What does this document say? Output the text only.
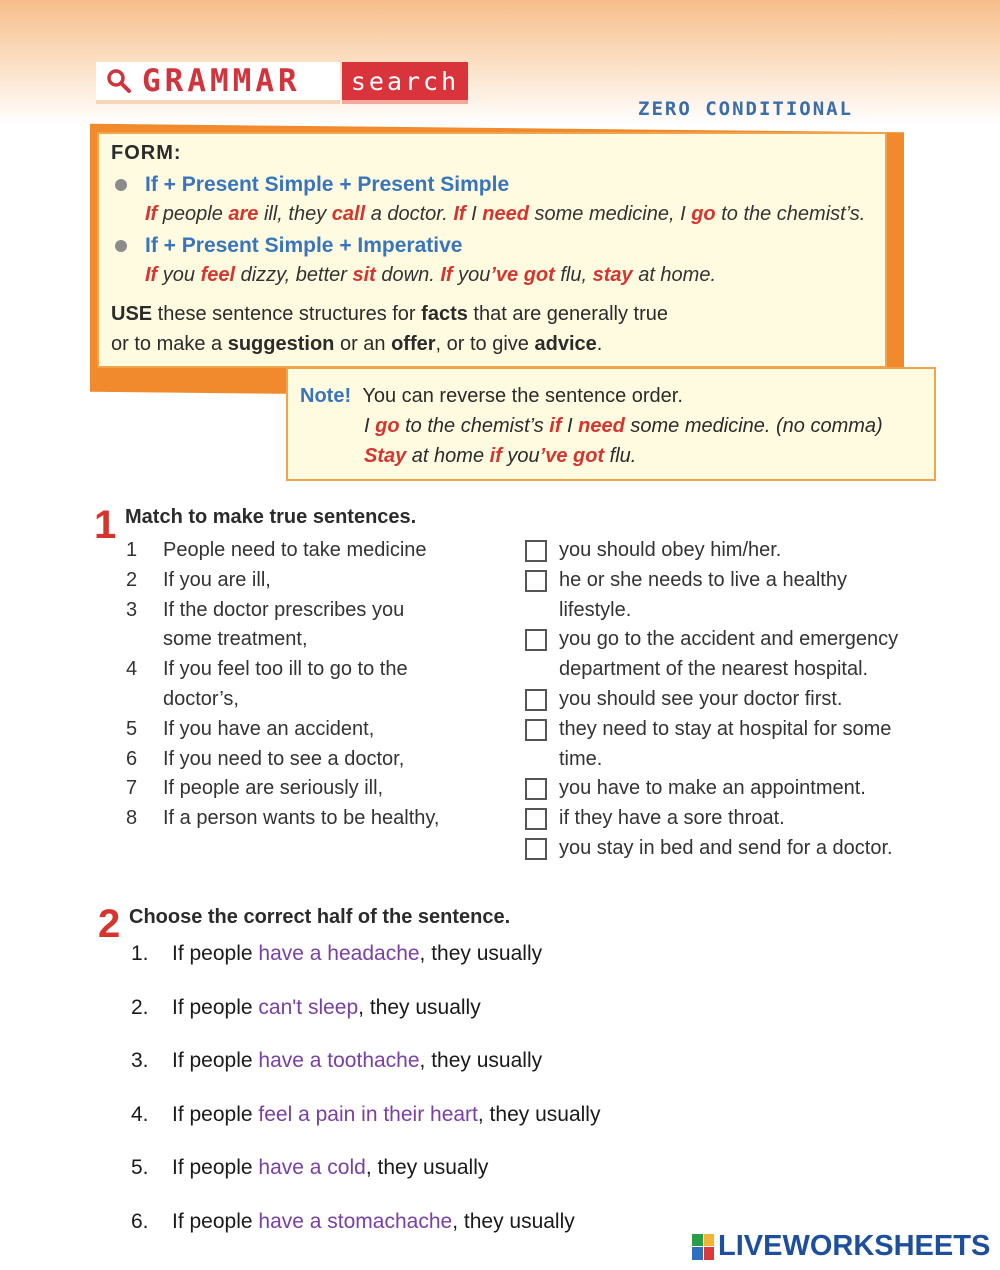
GRAMMAR	search
ZERO CONDITIONAL
FORM:
If + Present Simple + Present Simple
If people are ill, they call a doctor. If I need some medicine, I go to the chemist’s.
If + Present Simple + Imperative
If you feel dizzy, better sit down. If you’ve got flu, stay at home.
USE these sentence structures for facts that are generally true
or to make a suggestion or an offer, or to give advice.
Note! You can reverse the sentence order.
I go to the chemist’s if I need some medicine. (no comma)
Stay at home if you’ve got flu.
1 Match to make true sentences.
1	People need to take medicine
2	If you are ill,
3	If the doctor prescribes you
some treatment,
4	If you feel too ill to go to the
doctor’s,
5	If you have an accident,
6	If you need to see a doctor,
7	If people are seriously ill,
8	If a person wants to be healthy,
you should obey him/her.
he or she needs to live a healthy
lifestyle.
you go to the accident and emergency
department of the nearest hospital.
you should see your doctor first.
they need to stay at hospital for some
time.
you have to make an appointment.
if they have a sore throat.
you stay in bed and send for a doctor.
2 Choose the correct half of the sentence.
1.	If people have a headache, they usually
2.	If people can't sleep, they usually
3.	If people have a toothache, they usually
4.	If people feel a pain in their heart, they usually
5.	If people have a cold, they usually
6.	If people have a stomachache, they usually
LIVEWORKSHEETS
